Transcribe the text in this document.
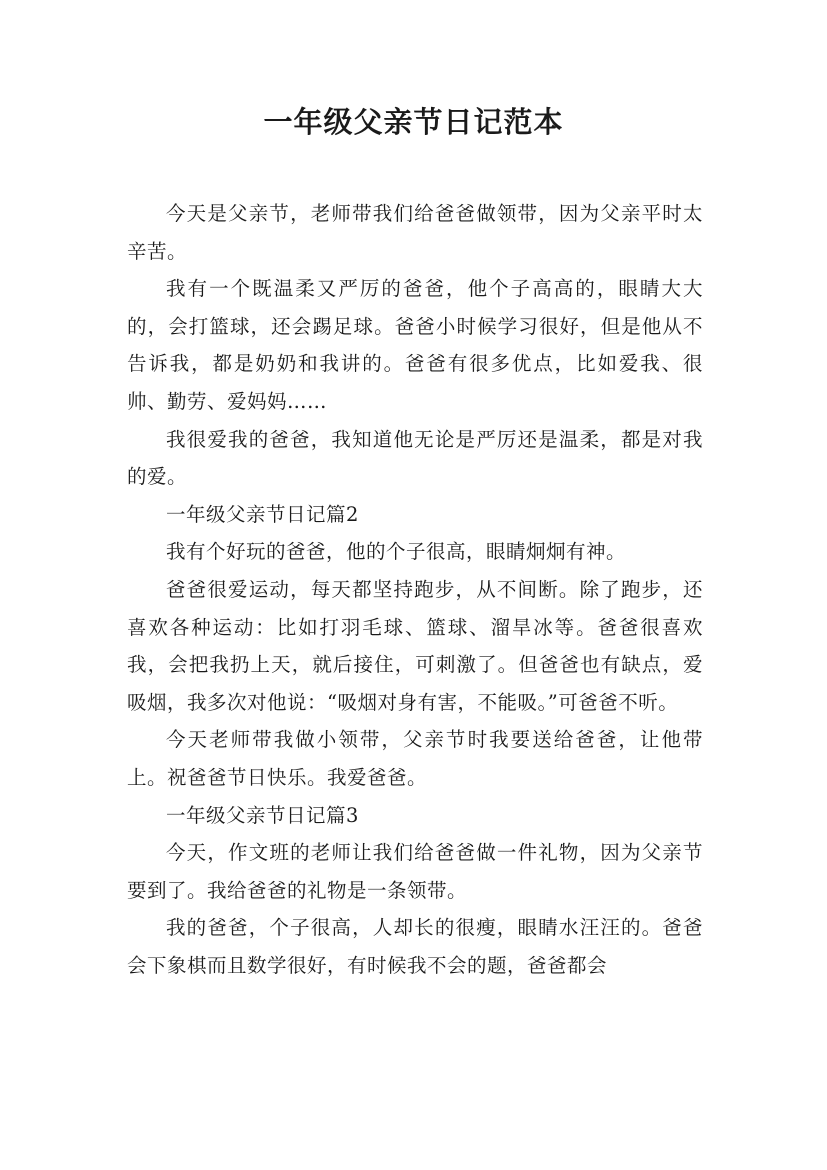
一年级父亲节日记范本

今天是父亲节，老师带我们给爸爸做领带，因为父亲平时太辛苦。

我有一个既温柔又严厉的爸爸，他个子高高的，眼睛大大的，会打篮球，还会踢足球。爸爸小时候学习很好，但是他从不告诉我，都是奶奶和我讲的。爸爸有很多优点，比如爱我、很帅、勤劳、爱妈妈……

我很爱我的爸爸，我知道他无论是严厉还是温柔，都是对我的爱。

一年级父亲节日记篇2

我有个好玩的爸爸，他的个子很高，眼睛炯炯有神。

爸爸很爱运动，每天都坚持跑步，从不间断。除了跑步，还喜欢各种运动：比如打羽毛球、篮球、溜旱冰等。爸爸很喜欢我，会把我扔上天，就后接住，可刺激了。但爸爸也有缺点，爱吸烟，我多次对他说：“吸烟对身有害，不能吸。”可爸爸不听。

今天老师带我做小领带，父亲节时我要送给爸爸，让他带上。祝爸爸节日快乐。我爱爸爸。

一年级父亲节日记篇3

今天，作文班的老师让我们给爸爸做一件礼物，因为父亲节要到了。我给爸爸的礼物是一条领带。

我的爸爸，个子很高，人却长的很瘦，眼睛水汪汪的。爸爸会下象棋而且数学很好，有时候我不会的题，爸爸都会
